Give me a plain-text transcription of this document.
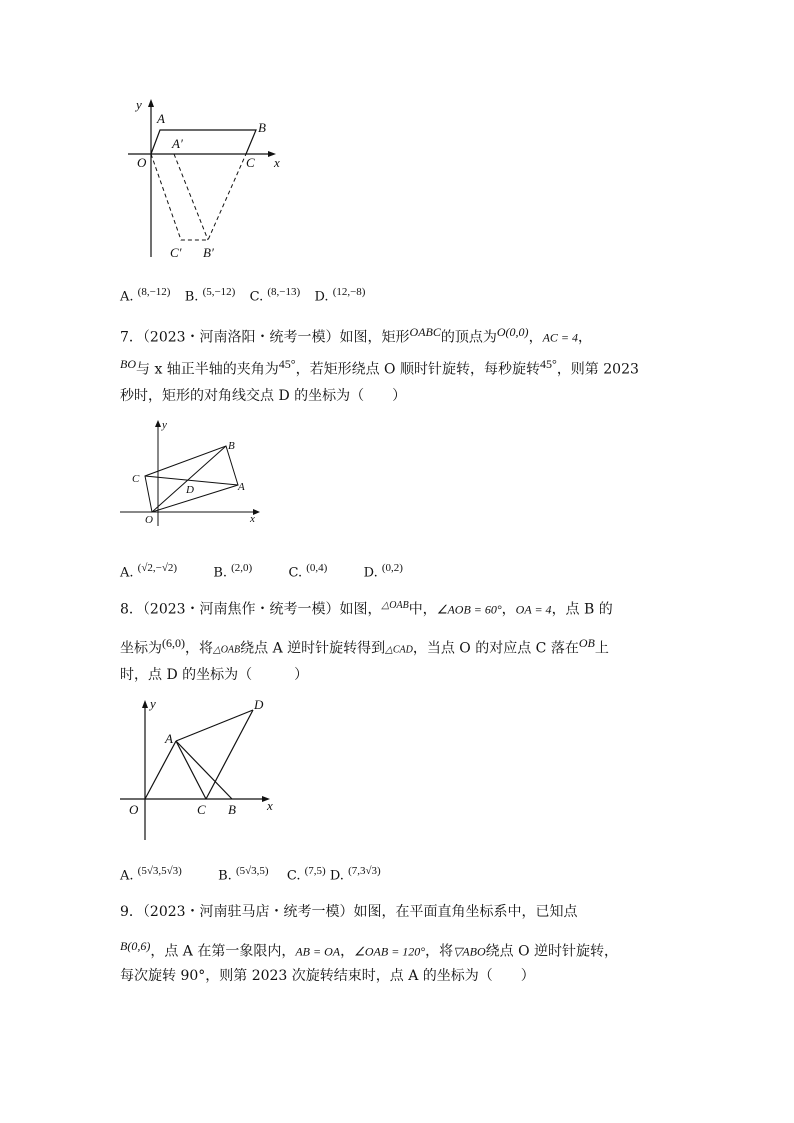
y
x
O
A
B
C
A′
C′ B′
A. $^{(8,-12)}$ B. $^{(5,-12)}$ C. $^{(8,-13)}$ D. $^{(12,-8)}$
7．（2023・河南洛阳・统考一模）如图，矩形$^{OABC}$的顶点为$^{O(0,0)}$，AC = 4，
$^{BO}$与 x 轴正半轴的夹角为$^{45^\circ}$，若矩形绕点 O 顺时针旋转，每秒旋转$^{45^\circ}$，则第 2023
秒时，矩形的对角线交点 D 的坐标为（　　）
y
x
O
A
B
C
D
A. $^{(√2,-√2)}$	B. $^{(2,0)}$	C. $^{(0,4)}$	D. $^{(0,2)}$
8．（2023・河南焦作・统考一模）如图，$^{\triangle OAB}$中，∠AOB = 60°，OA = 4，点 B 的
坐标为$^{(6,0)}$，将△OAB绕点 A 逆时针旋转得到△CAD，当点 O 的对应点 C 落在$^{OB}$上
时，点 D 的坐标为（　　　）
y
x
O
A
C B
D
A. $^{(5√3,5√3)}$	B. $^{(5√3,5)}$ C. $^{(7,5)}$ D. $^{(7,3√3)}$
9．（2023・河南驻马店・统考一模）如图，在平面直角坐标系中，已知点
$^{B(0,6)}$，点 A 在第一象限内，AB = OA，∠OAB = 120°，将▽ABO绕点 O 逆时针旋转，
每次旋转 90°，则第 2023 次旋转结束时，点 A 的坐标为（　　）
